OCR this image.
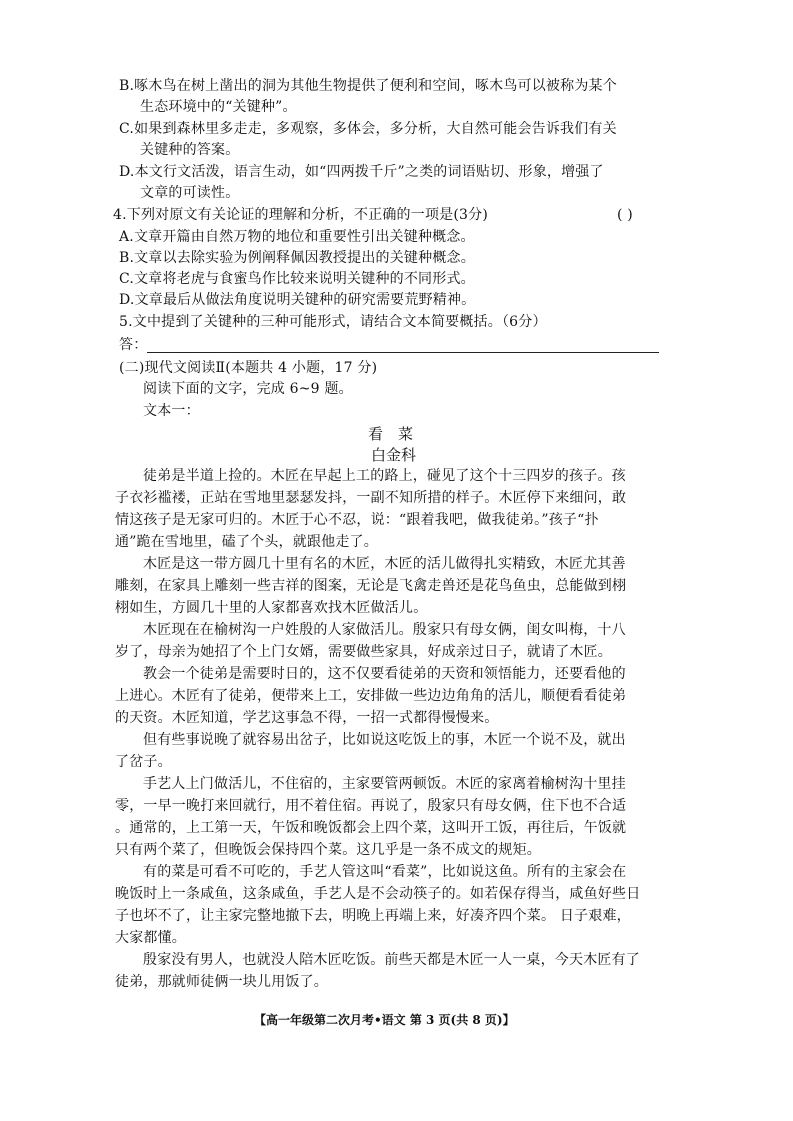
B.啄木鸟在树上凿出的洞为其他生物提供了便利和空间，啄木鸟可以被称为某个
生态环境中的“关键种”。
C.如果到森林里多走走，多观察，多体会，多分析，大自然可能会告诉我们有关
关键种的答案。
D.本文行文活泼，语言生动，如“四两拨千斤”之类的词语贴切、形象，增强了
文章的可读性。
4.下列对原文有关论证的理解和分析，不正确的一项是(3分)	( )
A.文章开篇由自然万物的地位和重要性引出关键种概念。
B.文章以去除实验为例阐释佩因教授提出的关键种概念。
C.文章将老虎与食蜜鸟作比较来说明关键种的不同形式。
D.文章最后从做法角度说明关键种的研究需要荒野精神。
5.文中提到了关键种的三种可能形式，请结合文本简要概括。（6分）
答：
(二)现代文阅读Ⅱ(本题共 4 小题，17 分)
阅读下面的文字，完成 6~9 题。
文本一：
看　菜
白金科
徒弟是半道上捡的。木匠在早起上工的路上，碰见了这个十三四岁的孩子。孩
子衣衫褴褛，正站在雪地里瑟瑟发抖，一副不知所措的样子。木匠停下来细问，敢
情这孩子是无家可归的。木匠于心不忍，说：“跟着我吧，做我徒弟。”孩子“扑
通”跪在雪地里，磕了个头，就跟他走了。
木匠是这一带方圆几十里有名的木匠，木匠的活儿做得扎实精致，木匠尤其善
雕刻，在家具上雕刻一些吉祥的图案，无论是飞禽走兽还是花鸟鱼虫，总能做到栩
栩如生，方圆几十里的人家都喜欢找木匠做活儿。
木匠现在在榆树沟一户姓殷的人家做活儿。殷家只有母女俩，闺女叫梅，十八
岁了，母亲为她招了个上门女婿，需要做些家具，好成亲过日子，就请了木匠。
教会一个徒弟是需要时日的，这不仅要看徒弟的天资和领悟能力，还要看他的
上进心。木匠有了徒弟，便带来上工，安排做一些边边角角的活儿，顺便看看徒弟
的天资。木匠知道，学艺这事急不得，一招一式都得慢慢来。
但有些事说晚了就容易出岔子，比如说这吃饭上的事，木匠一个说不及，就出
了岔子。
手艺人上门做活儿，不住宿的，主家要管两顿饭。木匠的家离着榆树沟十里挂
零，一早一晚打来回就行，用不着住宿。再说了，殷家只有母女俩，住下也不合适
。通常的，上工第一天，午饭和晚饭都会上四个菜，这叫开工饭，再往后，午饭就
只有两个菜了，但晚饭会保持四个菜。这几乎是一条不成文的规矩。
有的菜是可看不可吃的，手艺人管这叫“看菜”，比如说这鱼。所有的主家会在
晚饭时上一条咸鱼，这条咸鱼，手艺人是不会动筷子的。如若保存得当，咸鱼好些日
子也坏不了，让主家完整地撤下去，明晚上再端上来，好凑齐四个菜。 日子艰难，
大家都懂。
殷家没有男人，也就没人陪木匠吃饭。前些天都是木匠一人一桌，今天木匠有了
徒弟，那就师徒俩一块儿用饭了。
【高一年级第二次月考•语文 第 3 页(共 8 页)】
